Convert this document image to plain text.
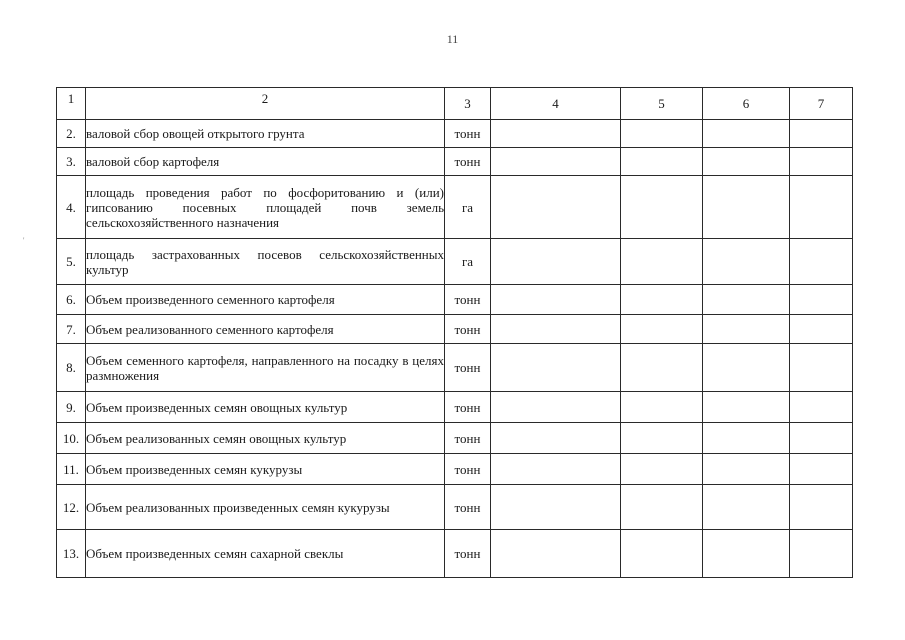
11
'
1	2	3	4	5	6	7
2.	валовой сбор овощей открытого грунта	тонн				
3.	валовой сбор картофеля	тонн				
4.	площадь проведения работ по фосфоритованию и (или) гипсованию посевных площадей почв земель сельскохозяйственного назначения	га				
5.	площадь застрахованных посевов сельскохозяйственных культур	га				
6.	Объем произведенного семенного картофеля	тонн				
7.	Объем реализованного семенного картофеля	тонн				
8.	Объем семенного картофеля, направленного на посадку в целях размножения	тонн				
9.	Объем произведенных семян овощных культур	тонн				
10.	Объем реализованных семян овощных культур	тонн				
11.	Объем произведенных семян кукурузы	тонн				
12.	Объем реализованных произведенных семян кукурузы	тонн				
13.	Объем произведенных семян сахарной свеклы	тонн				
